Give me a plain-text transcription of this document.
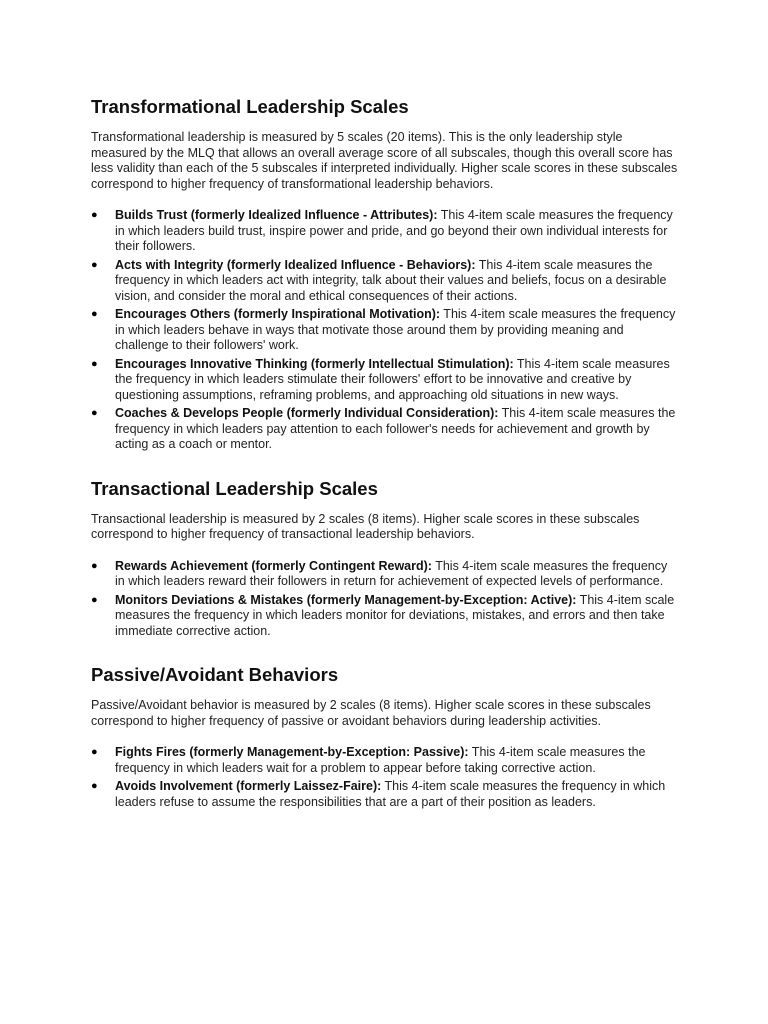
Transformational Leadership Scales

Transformational leadership is measured by 5 scales (20 items). This is the only leadership style measured by the MLQ that allows an overall average score of all subscales, though this overall score has less validity than each of the 5 subscales if interpreted individually. Higher scale scores in these subscales correspond to higher frequency of transformational leadership behaviors.

● Builds Trust (formerly Idealized Influence - Attributes): This 4-item scale measures the frequency in which leaders build trust, inspire power and pride, and go beyond their own individual interests for their followers.
● Acts with Integrity (formerly Idealized Influence - Behaviors): This 4-item scale measures the frequency in which leaders act with integrity, talk about their values and beliefs, focus on a desirable vision, and consider the moral and ethical consequences of their actions.
● Encourages Others (formerly Inspirational Motivation): This 4-item scale measures the frequency in which leaders behave in ways that motivate those around them by providing meaning and challenge to their followers' work.
● Encourages Innovative Thinking (formerly Intellectual Stimulation): This 4-item scale measures the frequency in which leaders stimulate their followers' effort to be innovative and creative by questioning assumptions, reframing problems, and approaching old situations in new ways.
● Coaches & Develops People (formerly Individual Consideration): This 4-item scale measures the frequency in which leaders pay attention to each follower's needs for achievement and growth by acting as a coach or mentor.
Transactional Leadership Scales

Transactional leadership is measured by 2 scales (8 items). Higher scale scores in these subscales correspond to higher frequency of transactional leadership behaviors.

● Rewards Achievement (formerly Contingent Reward): This 4-item scale measures the frequency in which leaders reward their followers in return for achievement of expected levels of performance.
● Monitors Deviations & Mistakes (formerly Management-by-Exception: Active): This 4-item scale measures the frequency in which leaders monitor for deviations, mistakes, and errors and then take immediate corrective action.
Passive/Avoidant Behaviors

Passive/Avoidant behavior is measured by 2 scales (8 items). Higher scale scores in these subscales correspond to higher frequency of passive or avoidant behaviors during leadership activities.

● Fights Fires (formerly Management-by-Exception: Passive): This 4-item scale measures the frequency in which leaders wait for a problem to appear before taking corrective action.
● Avoids Involvement (formerly Laissez-Faire): This 4-item scale measures the frequency in which leaders refuse to assume the responsibilities that are a part of their position as leaders.
